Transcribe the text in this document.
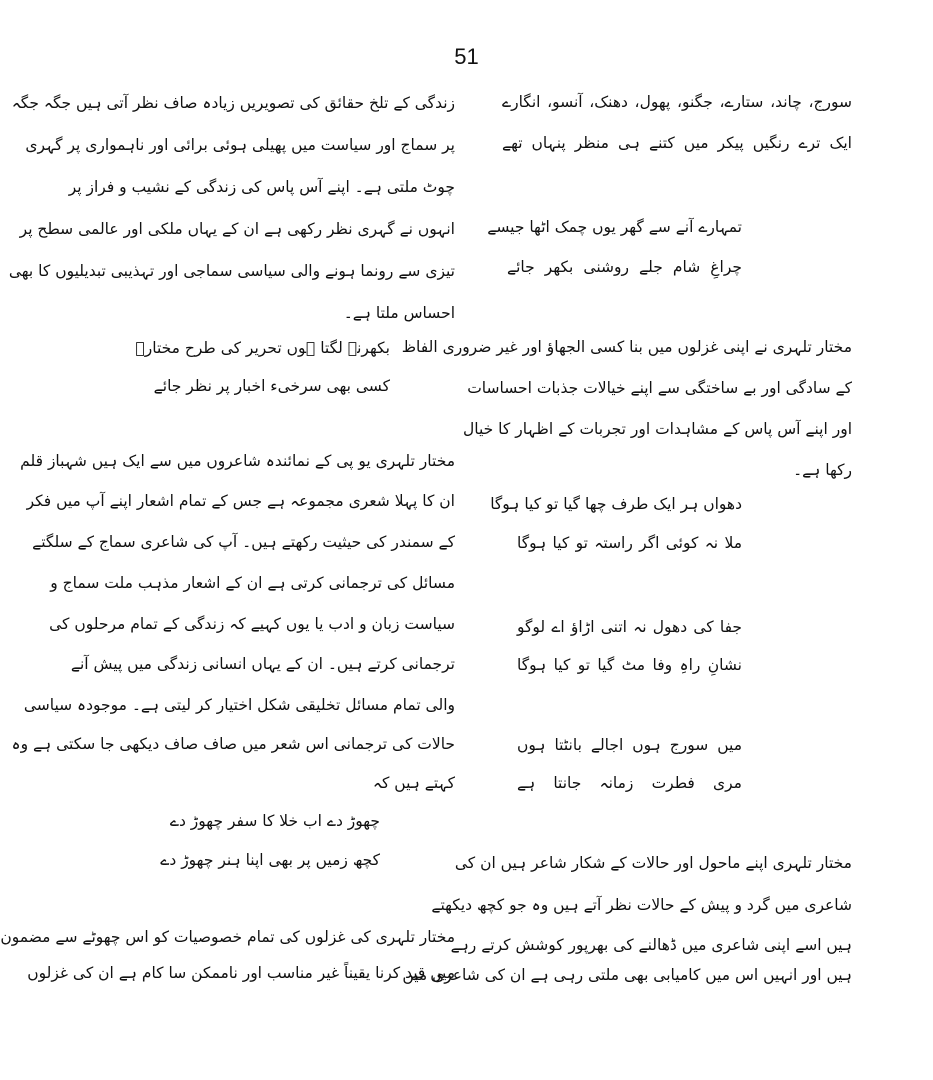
51
سورج، چاند، ستارے، جگنو، پھول، دھنک، آنسو، انگارے
ایک ترے رنگیں پیکر میں کتنے ہی منظر پنہاں تھے
تمہارے آنے سے گھر یوں چمک اٹھا جیسے
چراغِ شام جلے روشنی بکھر جائے
مختار تلہری نے اپنی غزلوں میں بنا کسی الجھاؤ اور غیر ضروری الفاظ
کے سادگی اور بے ساختگی سے اپنے خیالات جذبات احساسات
اور اپنے آس پاس کے مشاہدات اور تجربات کے اظہار کا خیال
رکھا ہے۔
دھواں ہر ایک طرف چھا گیا تو کیا ہوگا
ملا نہ کوئی اگر راستہ تو کیا ہوگا
جفا کی دھول نہ اتنی اڑاؤ اے لوگو
نشانِ راہِ وفا مٹ گیا تو کیا ہوگا
میں سورج ہوں اجالے بانٹتا ہوں
مری فطرت زمانہ جانتا ہے
مختار تلہری اپنے ماحول اور حالات کے شکار شاعر ہیں ان کی
شاعری میں گرد و پیش کے حالات نظر آتے ہیں وہ جو کچھ دیکھتے
ہیں اسے اپنی شاعری میں ڈھالنے کی بھرپور کوشش کرتے رہے
ہیں اور انہیں اس میں کامیابی بھی ملتی رہی ہے ان کی شاعری میں
زندگی کے تلخ حقائق کی تصویریں زیادہ صاف نظر آتی ہیں جگہ جگہ
پر سماج اور سیاست میں پھیلی ہوئی برائی اور ناہمواری پر گہری
چوٹ ملتی ہے۔ اپنے آس پاس کی زندگی کے نشیب و فراز پر
انہوں نے گہری نظر رکھی ہے ان کے یہاں ملکی اور عالمی سطح پر
تیزی سے رونما ہونے والی سیاسی سماجی اور تہذیبی تبدیلیوں کا بھی
احساس ملتا ہے۔
بکھرنے لگتا ہوں تحریر کی طرح مختارؔ
کسی بھی سرخیء اخبار پر نظر جائے
مختار تلہری یو پی کے نمائندہ شاعروں میں سے ایک ہیں شہباز قلم
ان کا پہلا شعری مجموعہ ہے جس کے تمام اشعار اپنے آپ میں فکر
کے سمندر کی حیثیت رکھتے ہیں۔ آپ کی شاعری سماج کے سلگتے
مسائل کی ترجمانی کرتی ہے ان کے اشعار مذہب ملت سماج و
سیاست زبان و ادب یا یوں کہیے کہ زندگی کے تمام مرحلوں کی
ترجمانی کرتے ہیں۔ ان کے یہاں انسانی زندگی میں پیش آنے
والی تمام مسائل تخلیقی شکل اختیار کر لیتی ہے۔ موجودہ سیاسی
حالات کی ترجمانی اس شعر میں صاف صاف دیکھی جا سکتی ہے وہ
کہتے ہیں کہ
چھوڑ دے اب خلا کا سفر چھوڑ دے
کچھ زمیں پر بھی اپنا ہنر چھوڑ دے
مختار تلہری کی غزلوں کی تمام خصوصیات کو اس چھوٹے سے مضمون
میں قید کرنا یقیناً غیر مناسب اور ناممکن سا کام ہے ان کی غزلوں
